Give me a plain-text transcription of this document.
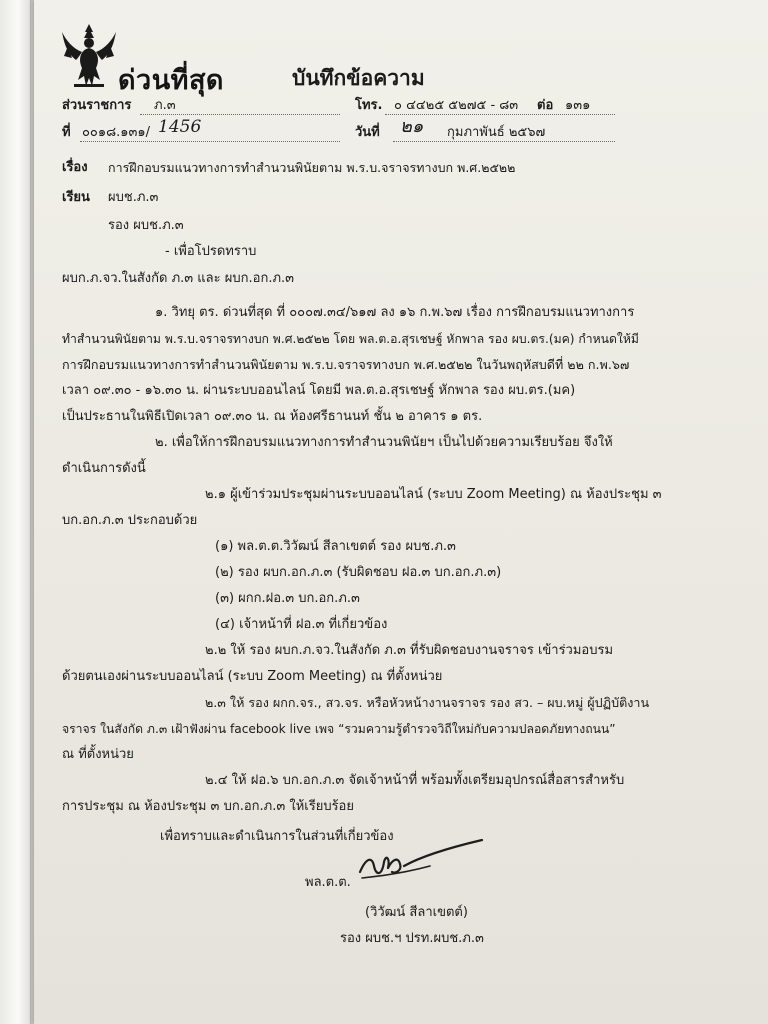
ด่วนที่สุด	บันทึกข้อความ
ส่วนราชการ ภ.๓	โทร. ๐ ๔๔๒๕ ๕๒๗๕ - ๘๓ ต่อ ๑๓๑
ที่ ๐๐๑๘.๑๓๑/ 1456	วันที่ ๒๑ กุมภาพันธ์ ๒๕๖๗
เรื่อง การฝึกอบรมแนวทางการทำสำนวนพินัยตาม พ.ร.บ.จราจรทางบก พ.ศ.๒๕๒๒
เรียน ผบช.ภ.๓
รอง ผบช.ภ.๓
- เพื่อโปรดทราบ
ผบก.ภ.จว.ในสังกัด ภ.๓ และ ผบก.อก.ภ.๓
๑. วิทยุ ตร. ด่วนที่สุด ที่ ๐๐๐๗.๓๔/๖๑๗ ลง ๑๖ ก.พ.๖๗ เรื่อง การฝึกอบรมแนวทางการ
ทำสำนวนพินัยตาม พ.ร.บ.จราจรทางบก พ.ศ.๒๕๒๒ โดย พล.ต.อ.สุรเชษฐ์ หักพาล รอง ผบ.ตร.(มค) กำหนดให้มี
การฝึกอบรมแนวทางการทำสำนวนพินัยตาม พ.ร.บ.จราจรทางบก พ.ศ.๒๕๒๒ ในวันพฤหัสบดีที่ ๒๒ ก.พ.๖๗
เวลา ๐๙.๓๐ - ๑๖.๓๐ น. ผ่านระบบออนไลน์ โดยมี พล.ต.อ.สุรเชษฐ์ หักพาล รอง ผบ.ตร.(มค)
เป็นประธานในพิธีเปิดเวลา ๐๙.๓๐ น. ณ ห้องศรีธานนท์ ชั้น ๒ อาคาร ๑ ตร.
๒. เพื่อให้การฝึกอบรมแนวทางการทำสำนวนพินัยฯ เป็นไปด้วยความเรียบร้อย จึงให้
ดำเนินการดังนี้
๒.๑ ผู้เข้าร่วมประชุมผ่านระบบออนไลน์ (ระบบ Zoom Meeting) ณ ห้องประชุม ๓
บก.อก.ภ.๓ ประกอบด้วย
(๑) พล.ต.ต.วิวัฒน์ สีลาเขตต์ รอง ผบช.ภ.๓
(๒) รอง ผบก.อก.ภ.๓ (รับผิดชอบ ฝอ.๓ บก.อก.ภ.๓)
(๓) ผกก.ฝอ.๓ บก.อก.ภ.๓
(๔) เจ้าหน้าที่ ฝอ.๓ ที่เกี่ยวข้อง
๒.๒ ให้ รอง ผบก.ภ.จว.ในสังกัด ภ.๓ ที่รับผิดชอบงานจราจร เข้าร่วมอบรม
ด้วยตนเองผ่านระบบออนไลน์ (ระบบ Zoom Meeting) ณ ที่ตั้งหน่วย
๒.๓ ให้ รอง ผกก.จร., สว.จร. หรือหัวหน้างานจราจร รอง สว. – ผบ.หมู่ ผู้ปฏิบัติงาน
จราจร ในสังกัด ภ.๓ เฝ้าฟังผ่าน facebook live เพจ “รวมความรู้ตำรวจวิถีใหม่กับความปลอดภัยทางถนน”
ณ ที่ตั้งหน่วย
๒.๔ ให้ ฝอ.๖ บก.อก.ภ.๓ จัดเจ้าหน้าที่ พร้อมทั้งเตรียมอุปกรณ์สื่อสารสำหรับ
การประชุม ณ ห้องประชุม ๓ บก.อก.ภ.๓ ให้เรียบร้อย
เพื่อทราบและดำเนินการในส่วนที่เกี่ยวข้อง
พล.ต.ต.
(วิวัฒน์ สีลาเขตต์)
รอง ผบช.ฯ ปรท.ผบช.ภ.๓
